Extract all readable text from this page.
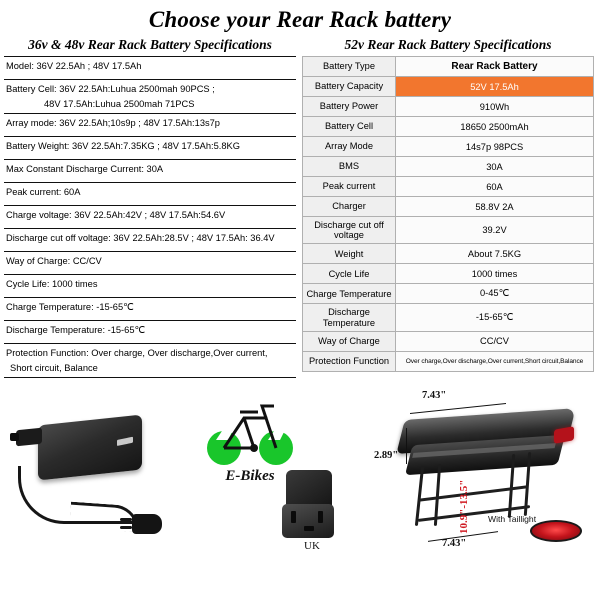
Choose your Rear Rack battery
36v & 48v Rear Rack Battery Specifications
Model: 36V 22.5Ah ; 48V 17.5Ah
Battery Cell: 36V 22.5Ah:Luhua 2500mah 90PCS ;
48V 17.5Ah:Luhua 2500mah 71PCS
Array mode: 36V 22.5Ah;10s9p ; 48V 17.5Ah:13s7p
Battery Weight: 36V 22.5Ah:7.35KG ; 48V 17.5Ah:5.8KG
Max Constant Discharge Current: 30A
Peak current: 60A
Charge voltage: 36V 22.5Ah:42V ; 48V 17.5Ah:54.6V
Discharge cut off voltage: 36V 22.5Ah:28.5V ; 48V 17.5Ah: 36.4V
Way of Charge: CC/CV
Cycle Life: 1000 times
Charge Temperature: -15-65℃
Discharge Temperature: -15-65℃
Protection Function: Over charge, Over discharge,Over current,
Short circuit, Balance
52v Rear Rack Battery Specifications
Battery Type	Rear Rack Battery
Battery Capacity	52V 17.5Ah
Battery Power	910Wh
Battery Cell	18650 2500mAh
Array Mode	14s7p 98PCS
BMS	30A
Peak current	60A
Charger	58.8V 2A
Discharge cut off voltage	39.2V
Weight	About 7.5KG
Cycle Life	1000 times
Charge Temperature	0-45℃
Discharge Temperature	-15-65℃
Way of Charge	CC/CV
Protection Function	Over charge,Over discharge,Over current,Short circuit,Balance
E-Bikes
UK
With Taillight
7.43"
2.89"
10.9"-13.5"
7.43"
